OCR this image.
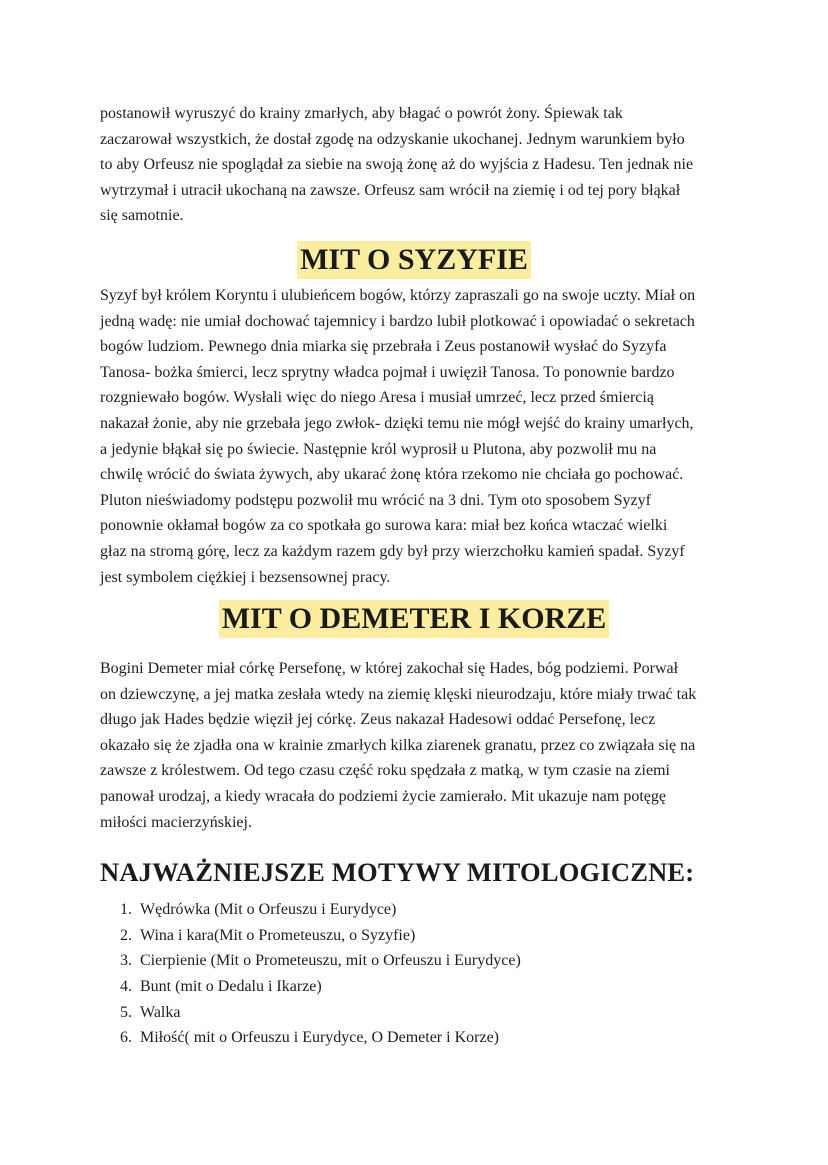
postanowił wyruszyć do krainy zmarłych, aby błagać o powrót żony. Śpiewak tak
zaczarował wszystkich, że dostał zgodę na odzyskanie ukochanej. Jednym warunkiem było
to aby Orfeusz nie spoglądał za siebie na swoją żonę aż do wyjścia z Hadesu. Ten jednak nie
wytrzymał i utracił ukochaną na zawsze. Orfeusz sam wrócił na ziemię i od tej pory błąkał
się samotnie.

MIT O SYZYFIE

Syzyf był królem Koryntu i ulubieńcem bogów, którzy zapraszali go na swoje uczty. Miał on
jedną wadę: nie umiał dochować tajemnicy i bardzo lubił plotkować i opowiadać o sekretach
bogów ludziom. Pewnego dnia miarka się przebrała i Zeus postanowił wysłać do Syzyfa
Tanosa- bożka śmierci, lecz sprytny władca pojmał i uwięził Tanosa. To ponownie bardzo
rozgniewało bogów. Wysłali więc do niego Aresa i musiał umrzeć, lecz przed śmiercią
nakazał żonie, aby nie grzebała jego zwłok- dzięki temu nie mógł wejść do krainy umarłych,
a jedynie błąkał się po świecie. Następnie król wyprosił u Plutona, aby pozwolił mu na
chwilę wrócić do świata żywych, aby ukarać żonę która rzekomo nie chciała go pochować.
Pluton nieświadomy podstępu pozwolił mu wrócić na 3 dni. Tym oto sposobem Syzyf
ponownie okłamał bogów za co spotkała go surowa kara: miał bez końca wtaczać wielki
głaz na stromą górę, lecz za każdym razem gdy był przy wierzchołku kamień spadał. Syzyf
jest symbolem ciężkiej i bezsensownej pracy.

MIT O DEMETER I KORZE

Bogini Demeter miał córkę Persefonę, w której zakochał się Hades, bóg podziemi. Porwał
on dziewczynę, a jej matka zesłała wtedy na ziemię klęski nieurodzaju, które miały trwać tak
długo jak Hades będzie więził jej córkę. Zeus nakazał Hadesowi oddać Persefonę, lecz
okazało się że zjadła ona w krainie zmarłych kilka ziarenek granatu, przez co związała się na
zawsze z królestwem. Od tego czasu część roku spędzała z matką, w tym czasie na ziemi
panował urodzaj, a kiedy wracała do podziemi życie zamierało. Mit ukazuje nam potęgę
miłości macierzyńskiej.

NAJWAŻNIEJSZE MOTYWY MITOLOGICZNE:
1. Wędrówka (Mit o Orfeuszu i Eurydyce)
2. Wina i kara(Mit o Prometeuszu, o Syzyfie)
3. Cierpienie (Mit o Prometeuszu, mit o Orfeuszu i Eurydyce)
4. Bunt (mit o Dedalu i Ikarze)
5. Walka
6. Miłość( mit o Orfeuszu i Eurydyce, O Demeter i Korze)
